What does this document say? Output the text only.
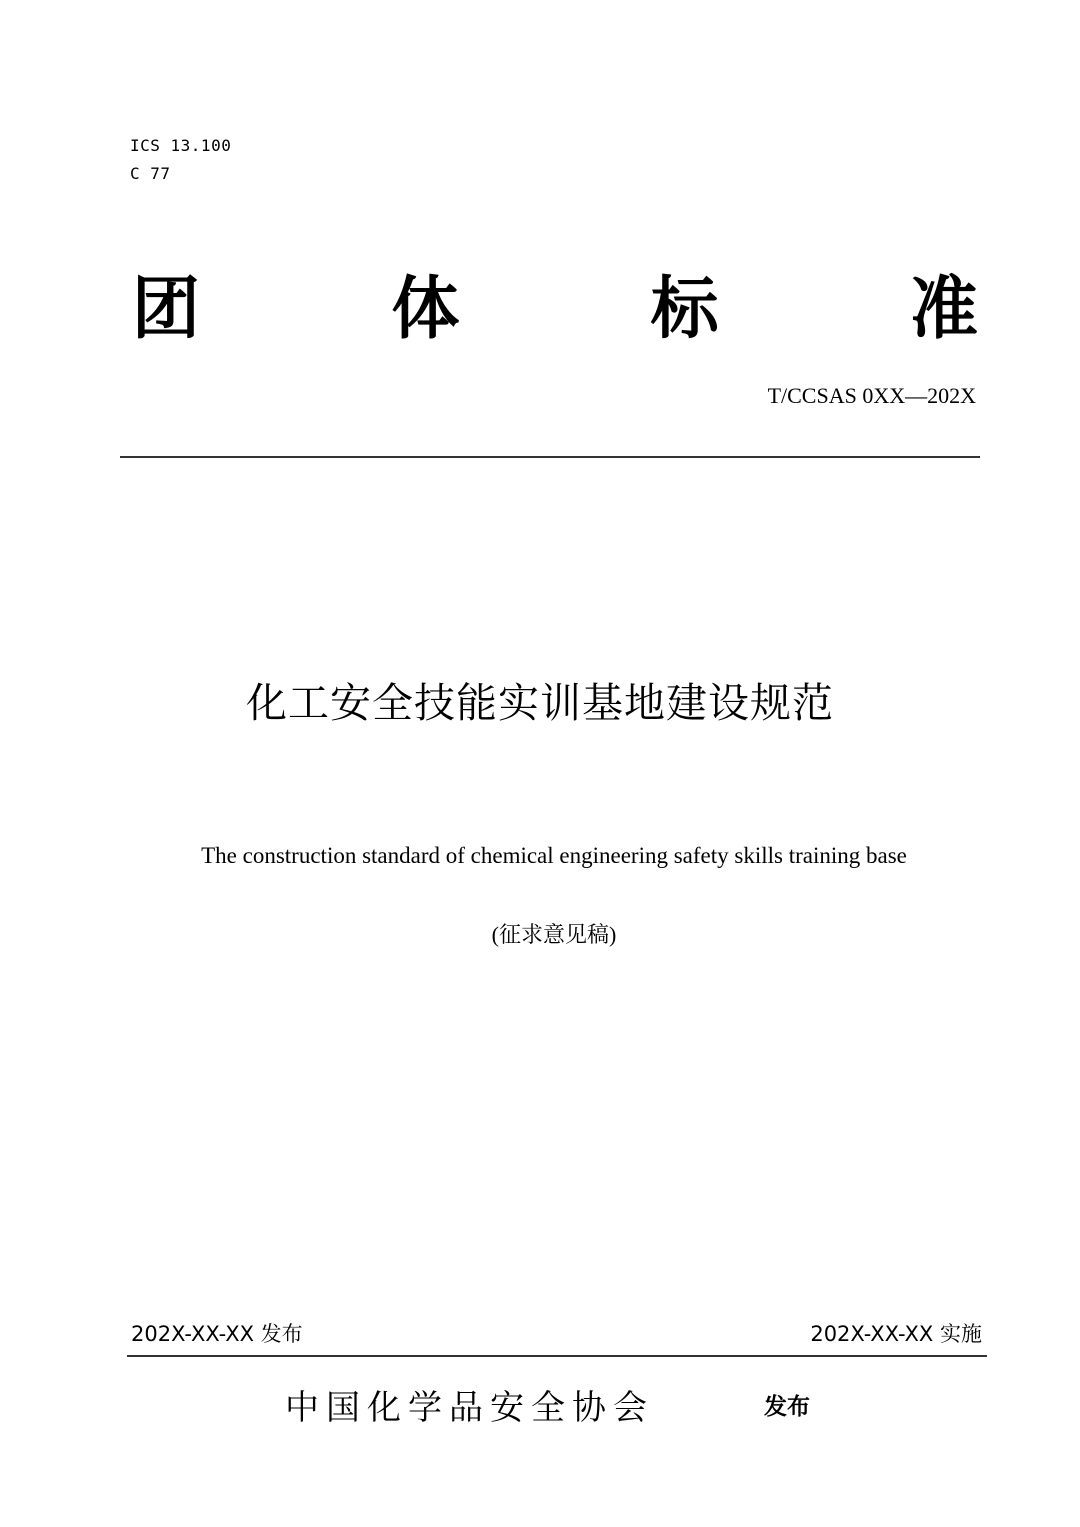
ICS 13.100
C 77
团	体	标	准
T/CCSAS 0XX—202X
化工安全技能实训基地建设规范
The construction standard of chemical engineering safety skills training base
(征求意见稿)
202X-XX-XX 发布	202X-XX-XX 实施
中国化学品安全协会	发布
